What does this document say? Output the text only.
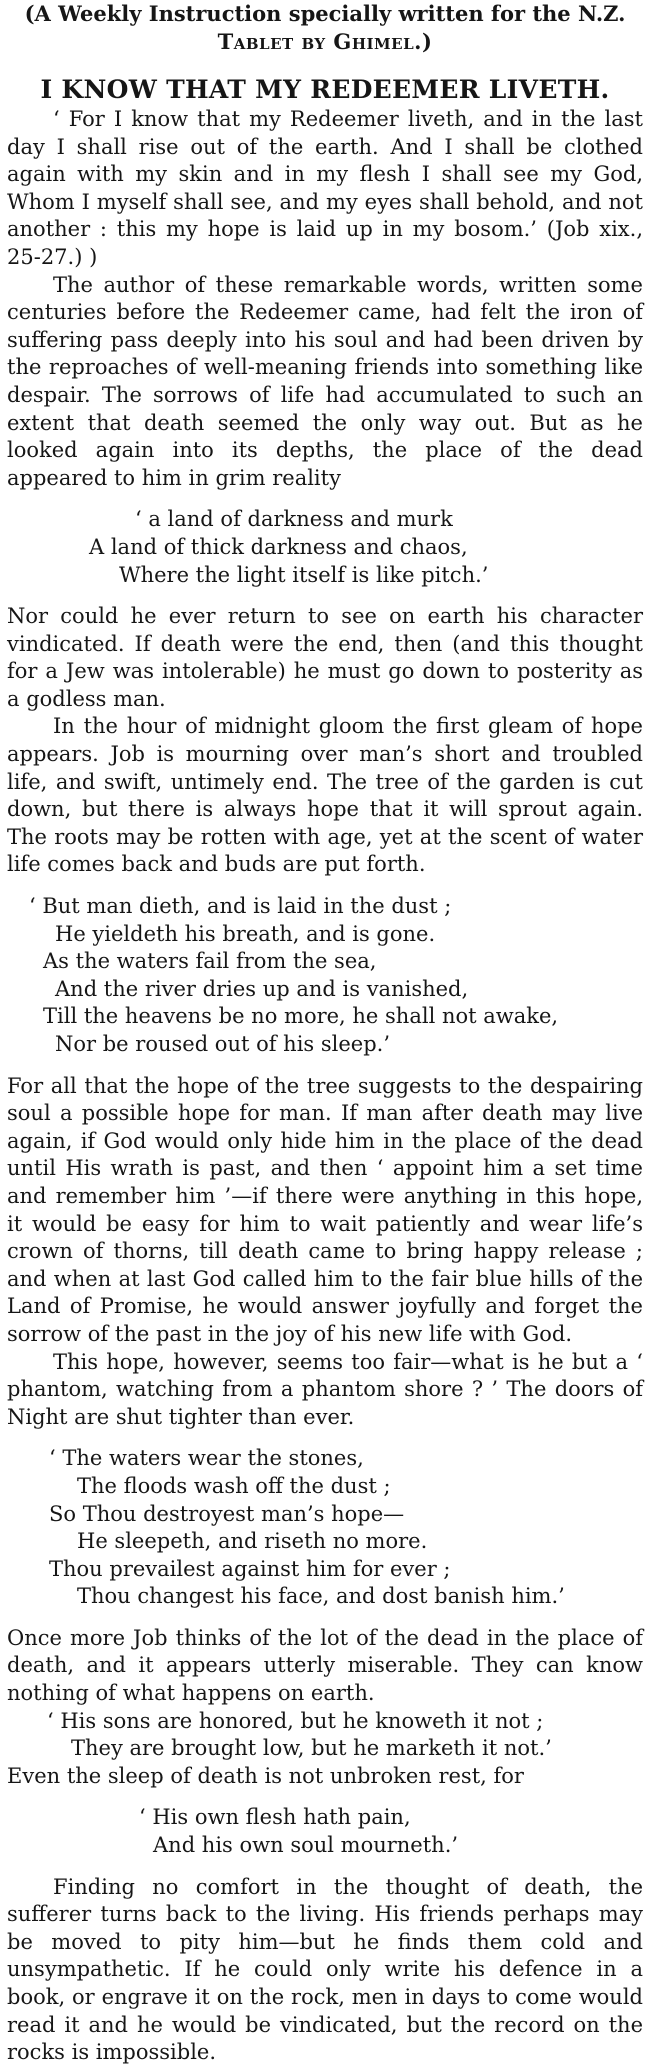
(A Weekly Instruction specially written for the N.Z.
Tablet by Ghimel.)
I KNOW THAT MY REDEEMER LIVETH.

‘ For I know that my Redeemer liveth, and in the last day I shall rise out of the earth. And I shall be clothed again with my skin and in my flesh I shall see my God, Whom I myself shall see, and my eyes shall behold, and not another : this my hope is laid up in my bosom.’ (Job xix., 25-27.) )

The author of these remarkable words, written some centuries before the Redeemer came, had felt the iron of suffering pass deeply into his soul and had been driven by the reproaches of well-meaning friends into something like despair. The sorrows of life had accumulated to such an extent that death seemed the only way out. But as he looked again into its depths, the place of the dead appeared to him in grim reality

‘ a land of darkness and murk
A land of thick darkness and chaos,
Where the light itself is like pitch.’

Nor could he ever return to see on earth his character vindicated. If death were the end, then (and this thought for a Jew was intolerable) he must go down to posterity as a godless man.

In the hour of midnight gloom the first gleam of hope appears. Job is mourning over man’s short and troubled life, and swift, untimely end. The tree of the garden is cut down, but there is always hope that it will sprout again. The roots may be rotten with age, yet at the scent of water life comes back and buds are put forth.

‘ But man dieth, and is laid in the dust ;
He yieldeth his breath, and is gone.
As the waters fail from the sea,
And the river dries up and is vanished,
Till the heavens be no more, he shall not awake,
Nor be roused out of his sleep.’

For all that the hope of the tree suggests to the despairing soul a possible hope for man. If man after death may live again, if God would only hide him in the place of the dead until His wrath is past, and then ‘ appoint him a set time and remember him ’—if there were anything in this hope, it would be easy for him to wait patiently and wear life’s crown of thorns, till death came to bring happy release ; and when at last God called him to the fair blue hills of the Land of Promise, he would answer joyfully and forget the sorrow of the past in the joy of his new life with God.

This hope, however, seems too fair—what is he but a ‘ phantom, watching from a phantom shore ? ’ The doors of Night are shut tighter than ever.

‘ The waters wear the stones,
The floods wash off the dust ;
So Thou destroyest man’s hope—
He sleepeth, and riseth no more.
Thou prevailest against him for ever ;
Thou changest his face, and dost banish him.’

Once more Job thinks of the lot of the dead in the place of death, and it appears utterly miserable. They can know nothing of what happens on earth.

‘ His sons are honored, but he knoweth it not ;
They are brought low, but he marketh it not.’

Even the sleep of death is not unbroken rest, for

‘ His own flesh hath pain,
And his own soul mourneth.’

Finding no comfort in the thought of death, the sufferer turns back to the living. His friends perhaps may be moved to pity him—but he finds them cold and unsympathetic. If he could only write his defence in a book, or engrave it on the rock, men in days to come would read it and he would be vindicated, but the record on the rocks is impossible.
